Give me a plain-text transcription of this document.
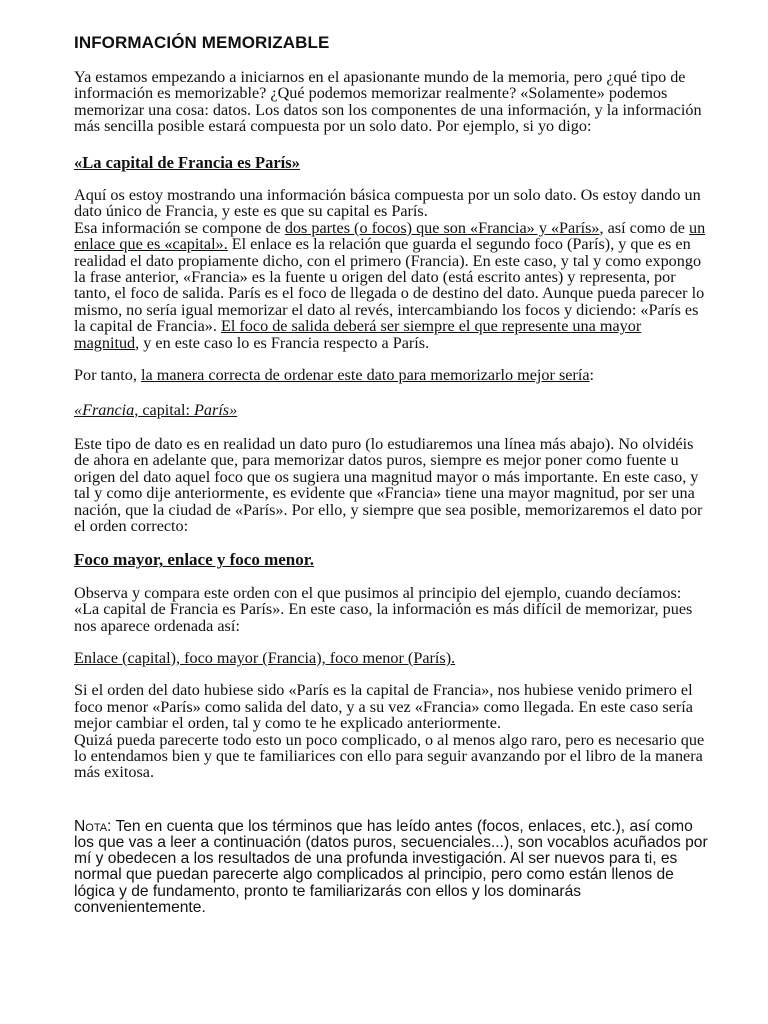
INFORMACIÓN MEMORIZABLE

Ya estamos empezando a iniciarnos en el apasionante mundo de la memoria, pero ¿qué tipo de información es memorizable? ¿Qué podemos memorizar realmente? «Solamente» podemos memorizar una cosa: datos. Los datos son los componentes de una información, y la información más sencilla posible estará compuesta por un solo dato. Por ejemplo, si yo digo:

«La capital de Francia es París»

Aquí os estoy mostrando una información básica compuesta por un solo dato. Os estoy dando un dato único de Francia, y este es que su capital es París.
Esa información se compone de dos partes (o focos) que son «Francia» y «París», así como de un enlace que es «capital». El enlace es la relación que guarda el segundo foco (París), y que es en realidad el dato propiamente dicho, con el primero (Francia). En este caso, y tal y como expongo la frase anterior, «Francia» es la fuente u origen del dato (está escrito antes) y representa, por tanto, el foco de salida. París es el foco de llegada o de destino del dato. Aunque pueda parecer lo mismo, no sería igual memorizar el dato al revés, intercambiando los focos y diciendo: «París es la capital de Francia». El foco de salida deberá ser siempre el que represente una mayor magnitud, y en este caso lo es Francia respecto a París.

Por tanto, la manera correcta de ordenar este dato para memorizarlo mejor sería:

«Francia, capital: París»

Este tipo de dato es en realidad un dato puro (lo estudiaremos una línea más abajo). No olvidéis de ahora en adelante que, para memorizar datos puros, siempre es mejor poner como fuente u origen del dato aquel foco que os sugiera una magnitud mayor o más importante. En este caso, y tal y como dije anteriormente, es evidente que «Francia» tiene una mayor magnitud, por ser una nación, que la ciudad de «París». Por ello, y siempre que sea posible, memorizaremos el dato por el orden correcto:

Foco mayor, enlace y foco menor.

Observa y compara este orden con el que pusimos al principio del ejemplo, cuando decíamos: «La capital de Francia es París». En este caso, la información es más difícil de memorizar, pues nos aparece ordenada así:

Enlace (capital), foco mayor (Francia), foco menor (París).

Si el orden del dato hubiese sido «París es la capital de Francia», nos hubiese venido primero el foco menor «París» como salida del dato, y a su vez «Francia» como llegada. En este caso sería mejor cambiar el orden, tal y como te he explicado anteriormente.
Quizá pueda parecerte todo esto un poco complicado, o al menos algo raro, pero es necesario que lo entendamos bien y que te familiarices con ello para seguir avanzando por el libro de la manera más exitosa.

Nota: Ten en cuenta que los términos que has leído antes (focos, enlaces, etc.), así como los que vas a leer a continuación (datos puros, secuenciales...), son vocablos acuñados por mí y obedecen a los resultados de una profunda investigación. Al ser nuevos para ti, es normal que puedan parecerte algo complicados al principio, pero como están llenos de lógica y de fundamento, pronto te familiarizarás con ellos y los dominarás convenientemente.
